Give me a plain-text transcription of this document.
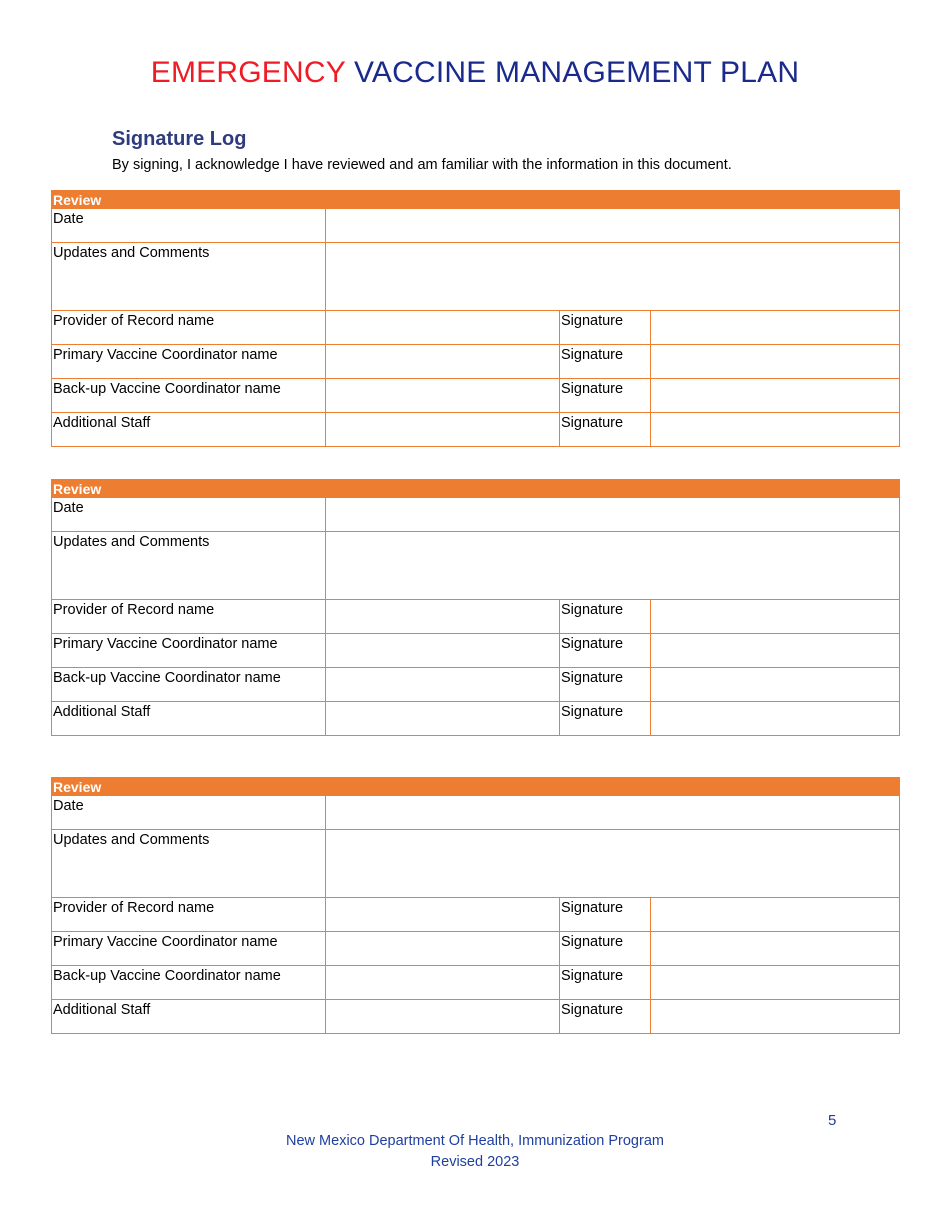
EMERGENCY VACCINE MANAGEMENT PLAN
Signature Log
By signing, I acknowledge I have reviewed and am familiar with the information in this document.
Review			
Date			
Updates and Comments			
Provider of Record name		Signature	
Primary Vaccine Coordinator name		Signature	
Back-up Vaccine Coordinator name		Signature	
Additional Staff		Signature	
Review			
Date			
Updates and Comments			
Provider of Record name		Signature	
Primary Vaccine Coordinator name		Signature	
Back-up Vaccine Coordinator name		Signature	
Additional Staff		Signature	
Review			
Date			
Updates and Comments			
Provider of Record name		Signature	
Primary Vaccine Coordinator name		Signature	
Back-up Vaccine Coordinator name		Signature	
Additional Staff		Signature	
5
New Mexico Department Of Health, Immunization Program
Revised 2023
